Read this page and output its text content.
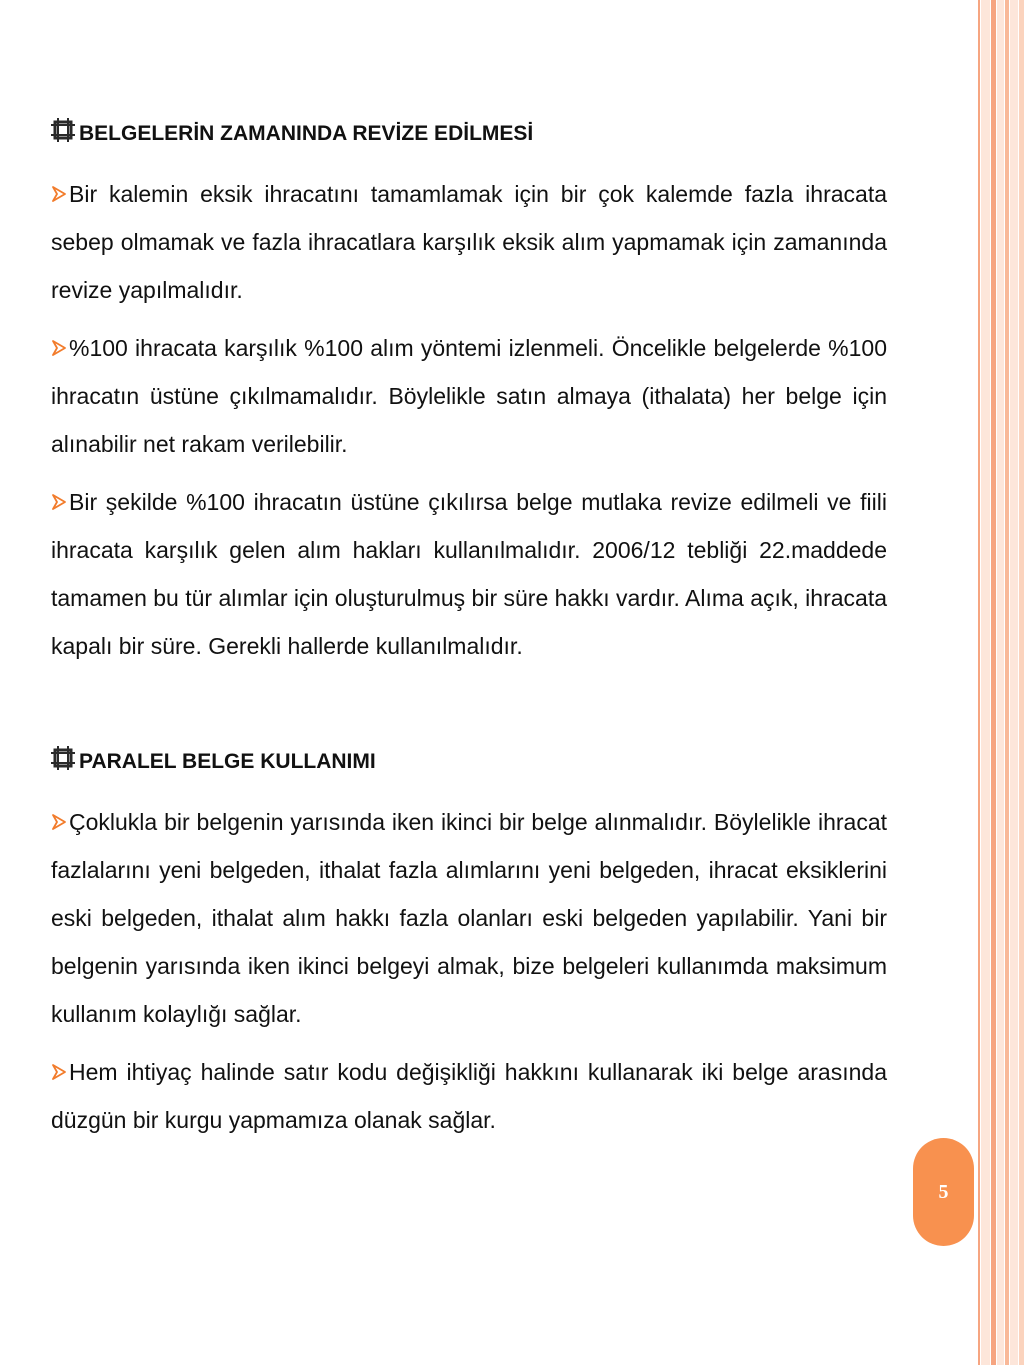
BELGELERİN ZAMANINDA REVİZE EDİLMESİ

Bir kalemin eksik ihracatını tamamlamak için bir çok kalemde fazla ihracata sebep olmamak ve fazla ihracatlara karşılık eksik alım yapmamak için zamanında revize yapılmalıdır.

%100 ihracata karşılık %100 alım yöntemi izlenmeli. Öncelikle belgelerde %100 ihracatın üstüne çıkılmamalıdır. Böylelikle satın almaya (ithalata) her belge için alınabilir net rakam verilebilir.

Bir şekilde %100 ihracatın üstüne çıkılırsa belge mutlaka revize edilmeli ve fiili ihracata karşılık gelen alım hakları kullanılmalıdır. 2006/12 tebliği 22.maddede tamamen bu tür alımlar için oluşturulmuş bir süre hakkı vardır. Alıma açık, ihracata kapalı bir süre. Gerekli hallerde kullanılmalıdır.

PARALEL BELGE KULLANIMI

Çoklukla bir belgenin yarısında iken ikinci bir belge alınmalıdır. Böylelikle ihracat fazlalarını yeni belgeden, ithalat fazla alımlarını yeni belgeden, ihracat eksiklerini eski belgeden, ithalat alım hakkı fazla olanları eski belgeden yapılabilir. Yani bir belgenin yarısında iken ikinci belgeyi almak, bize belgeleri kullanımda maksimum kullanım kolaylığı sağlar.

Hem ihtiyaç halinde satır kodu değişikliği hakkını kullanarak iki belge arasında düzgün bir kurgu yapmamıza olanak sağlar.

5
